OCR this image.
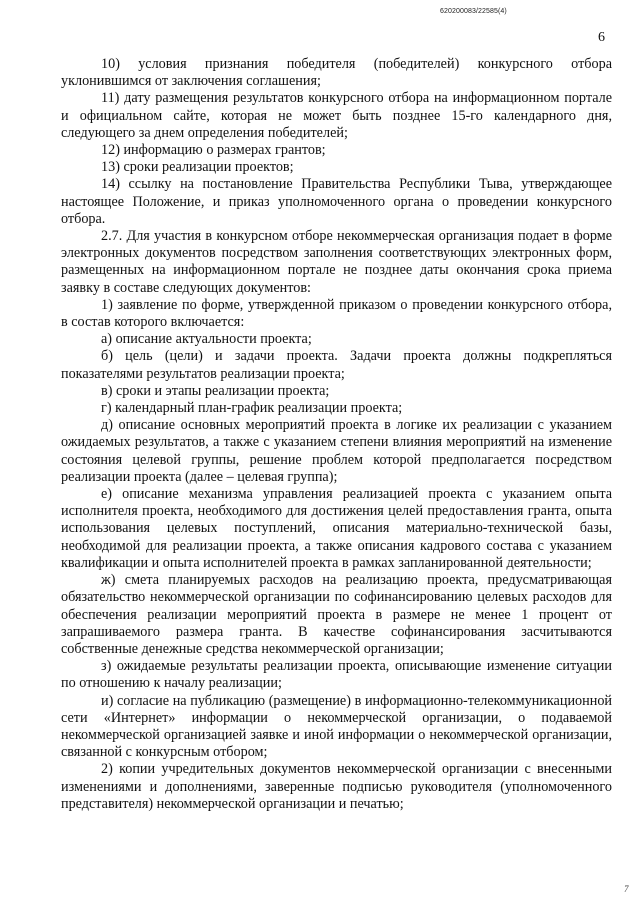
620200083/22585(4)
6

10) условия признания победителя (победителей) конкурсного отбора уклонившимся от заключения соглашения;

11) дату размещения результатов конкурсного отбора на информационном портале и официальном сайте, которая не может быть позднее 15-го календарного дня, следующего за днем определения победителей;

12) информацию о размерах грантов;

13) сроки реализации проектов;

14) ссылку на постановление Правительства Республики Тыва, утверждающее настоящее Положение, и приказ уполномоченного органа о проведении конкурсного отбора.

2.7. Для участия в конкурсном отборе некоммерческая организация подает в форме электронных документов посредством заполнения соответствующих электронных форм, размещенных на информационном портале не позднее даты окончания срока приема заявку в составе следующих документов:

1) заявление по форме, утвержденной приказом о проведении конкурсного отбора, в состав которого включается:

а) описание актуальности проекта;

б) цель (цели) и задачи проекта. Задачи проекта должны подкрепляться показателями результатов реализации проекта;

в) сроки и этапы реализации проекта;

г) календарный план-график реализации проекта;

д) описание основных мероприятий проекта в логике их реализации с указанием ожидаемых результатов, а также с указанием степени влияния мероприятий на изменение состояния целевой группы, решение проблем которой предполагается посредством реализации проекта (далее – целевая группа);

е) описание механизма управления реализацией проекта с указанием опыта исполнителя проекта, необходимого для достижения целей предоставления гранта, опыта использования целевых поступлений, описания материально-технической базы, необходимой для реализации проекта, а также описания кадрового состава с указанием квалификации и опыта исполнителей проекта в рамках запланированной деятельности;

ж) смета планируемых расходов на реализацию проекта, предусматривающая обязательство некоммерческой организации по софинансированию целевых расходов для обеспечения реализации мероприятий проекта в размере не менее 1 процент от запрашиваемого размера гранта. В качестве софинансирования засчитываются собственные денежные средства некоммерческой организации;

з) ожидаемые результаты реализации проекта, описывающие изменение ситуации по отношению к началу реализации;

и) согласие на публикацию (размещение) в информационно-телекоммуникационной сети «Интернет» информации о некоммерческой организации, о подаваемой некоммерческой организацией заявке и иной информации о некоммерческой организации, связанной с конкурсным отбором;

2) копии учредительных документов некоммерческой организации с внесенными изменениями и дополнениями, заверенные подписью руководителя (уполномоченного представителя) некоммерческой организации и печатью;

7
